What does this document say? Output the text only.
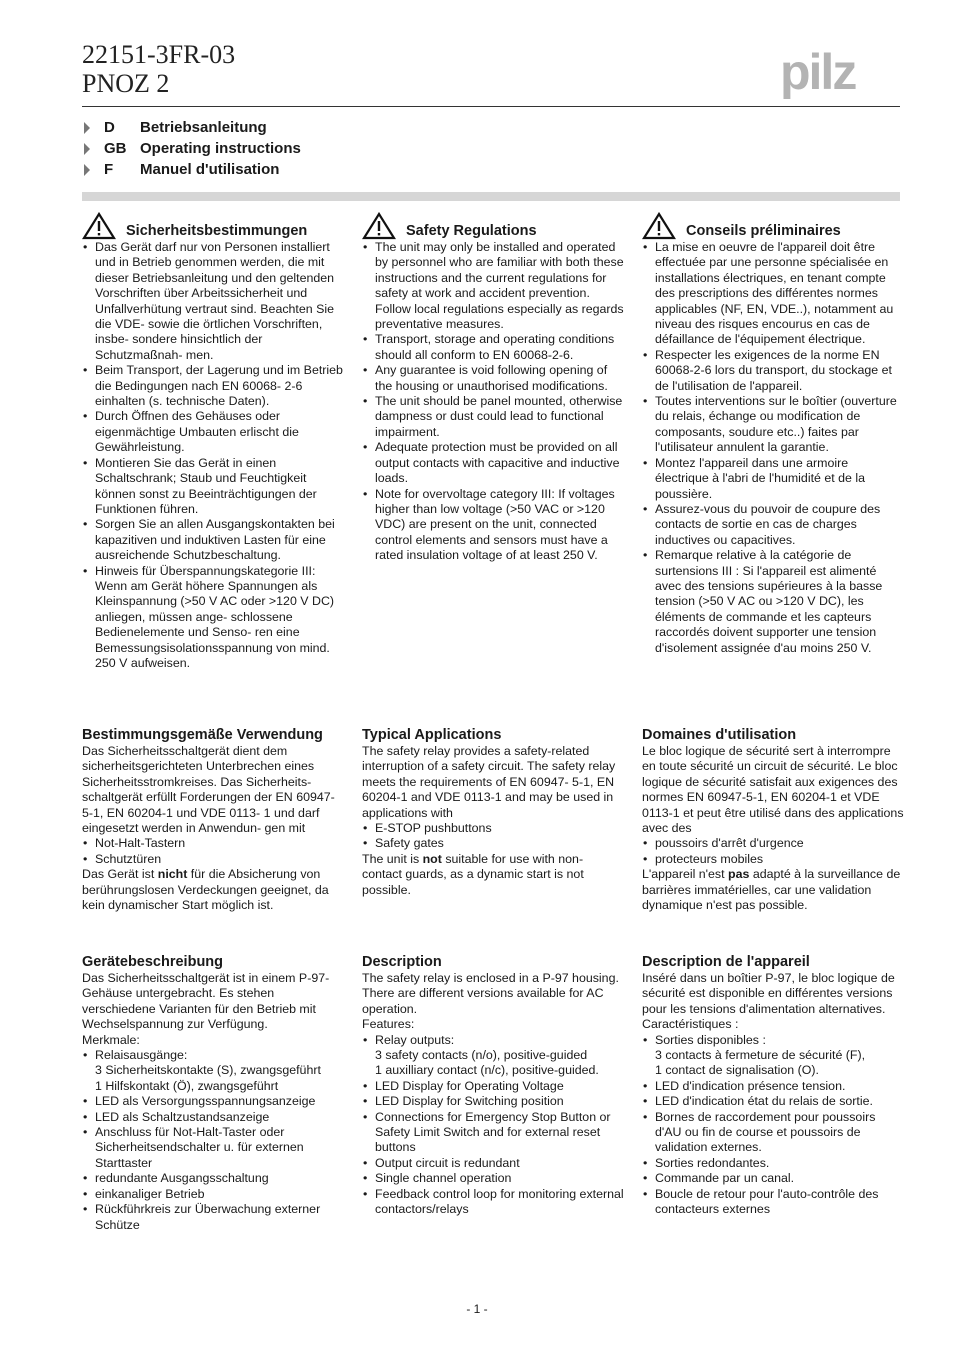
22151-3FR-03
PNOZ 2	pilz
D	Betriebsanleitung
GB Operating instructions
F	Manuel d'utilisation
Sicherheitsbestimmungen
• Das Gerät darf nur von Personen installiert und in Betrieb genommen werden, die mit dieser Betriebsanleitung und den geltenden Vorschriften über Arbeitssicherheit und Unfallverhütung vertraut sind. Beachten Sie die VDE- sowie die örtlichen Vorschriften, insbe- sondere hinsichtlich der Schutzmaßnah- men.
• Beim Transport, der Lagerung und im Betrieb die Bedingungen nach EN 60068- 2-6 einhalten (s. technische Daten).
• Durch Öffnen des Gehäuses oder eigenmächtige Umbauten erlischt die Gewährleistung.
• Montieren Sie das Gerät in einen Schaltschrank; Staub und Feuchtigkeit können sonst zu Beeinträchtigungen der Funktionen führen.
• Sorgen Sie an allen Ausgangskontakten bei kapazitiven und induktiven Lasten für eine ausreichende Schutzbeschaltung.
• Hinweis für Überspannungskategorie III: Wenn am Gerät höhere Spannungen als Kleinspannung (>50 V AC oder >120 V DC) anliegen, müssen ange- schlossene Bedienelemente und Senso- ren eine Bemessungsisolationsspannung von mind. 250 V aufweisen.
Safety Regulations
• The unit may only be installed and operated by personnel who are familiar with both these instructions and the current regulations for safety at work and accident prevention. Follow local regulations especially as regards preventative measures.
• Transport, storage and operating conditions should all conform to EN 60068-2-6.
• Any guarantee is void following opening of the housing or unauthorised modifications.
• The unit should be panel mounted, otherwise dampness or dust could lead to functional impairment.
• Adequate protection must be provided on all output contacts with capacitive and inductive loads.
• Note for overvoltage category III: If voltages higher than low voltage (>50 VAC or >120 VDC) are present on the unit, connected control elements and sensors must have a rated insulation voltage of at least 250 V.
Conseils préliminaires
• La mise en oeuvre de l'appareil doit être effectuée par une personne spécialisée en installations électriques, en tenant compte des prescriptions des différentes normes applicables (NF, EN, VDE..), notamment au niveau des risques encourus en cas de défaillance de l'équipement électrique.
• Respecter les exigences de la norme EN 60068-2-6 lors du transport, du stockage et de l'utilisation de l'appareil.
• Toutes interventions sur le boîtier (ouverture du relais, échange ou modification de composants, soudure etc..) faites par l'utilisateur annulent la garantie.
• Montez l'appareil dans une armoire électrique à l'abri de l'humidité et de la poussière.
• Assurez-vous du pouvoir de coupure des contacts de sortie en cas de charges inductives ou capacitives.
• Remarque relative à la catégorie de surtensions III : Si l'appareil est alimenté avec des tensions supérieures à la basse tension (>50 V AC ou >120 V DC), les éléments de commande et les capteurs raccordés doivent supporter une tension d'isolement assignée d'au moins 250 V.
Bestimmungsgemäße Verwendung

Das Sicherheitsschaltgerät dient dem sicherheitsgerichteten Unterbrechen eines Sicherheitsstromkreises. Das Sicherheits- schaltgerät erfüllt Forderungen der EN 60947-5-1, EN 60204-1 und VDE 0113- 1 und darf eingesetzt werden in Anwendun- gen mit

• Not-Halt-Tastern
• Schutztüren

Das Gerät ist nicht für die Absicherung von berührungslosen Verdeckungen geeignet, da kein dynamischer Start möglich ist.

Typical Applications

The safety relay provides a safety-related interruption of a safety circuit. The safety relay meets the requirements of EN 60947- 5-1, EN 60204-1 and VDE 0113-1 and may be used in applications with

• E-STOP pushbuttons
• Safety gates

The unit is not suitable for use with non- contact guards, as a dynamic start is not possible.

Domaines d'utilisation

Le bloc logique de sécurité sert à interrompre en toute sécurité un circuit de sécurité. Le bloc logique de sécurité satisfait aux exigences des normes EN 60947-5-1, EN 60204-1 et VDE 0113-1 et peut être utilisé dans des applications avec des

• poussoirs d'arrêt d'urgence
• protecteurs mobiles

L'appareil n'est pas adapté à la surveillance de barrières immatérielles, car une validation dynamique n'est pas possible.

Gerätebeschreibung

Das Sicherheitsschaltgerät ist in einem P-97-Gehäuse untergebracht. Es stehen verschiedene Varianten für den Betrieb mit Wechselspannung zur Verfügung.

Merkmale:

• Relaisausgänge:
3 Sicherheitskontakte (S), zwangsgeführt
1 Hilfskontakt (Ö), zwangsgeführt
• LED als Versorgungsspannungsanzeige
• LED als Schaltzustandsanzeige
• Anschluss für Not-Halt-Taster oder Sicherheitsendschalter u. für externen Starttaster
• redundante Ausgangsschaltung
• einkanaliger Betrieb
• Rückführkreis zur Überwachung externer Schütze
Description

The safety relay is enclosed in a P-97 housing. There are different versions available for AC operation.

Features:

• Relay outputs:
3 safety contacts (n/o), positive-guided
1 auxilliary contact (n/c), positive-guided.
• LED Display for Operating Voltage
• LED Display for Switching position
• Connections for Emergency Stop Button or Safety Limit Switch and for external reset buttons
• Output circuit is redundant
• Single channel operation
• Feedback control loop for monitoring external contactors/relays
Description de l'appareil

Inséré dans un boîtier P-97, le bloc logique de sécurité est disponible en différentes versions pour les tensions d'alimentation alternatives.

Caractéristiques :

• Sorties disponibles :
3 contacts à fermeture de sécurité (F),
1 contact de signalisation (O).
• LED d'indication présence tension.
• LED d'indication état du relais de sortie.
• Bornes de raccordement pour poussoirs d'AU ou fin de course et poussoirs de validation externes.
• Sorties redondantes.
• Commande par un canal.
• Boucle de retour pour l'auto-contrôle des contacteurs externes
- 1 -
